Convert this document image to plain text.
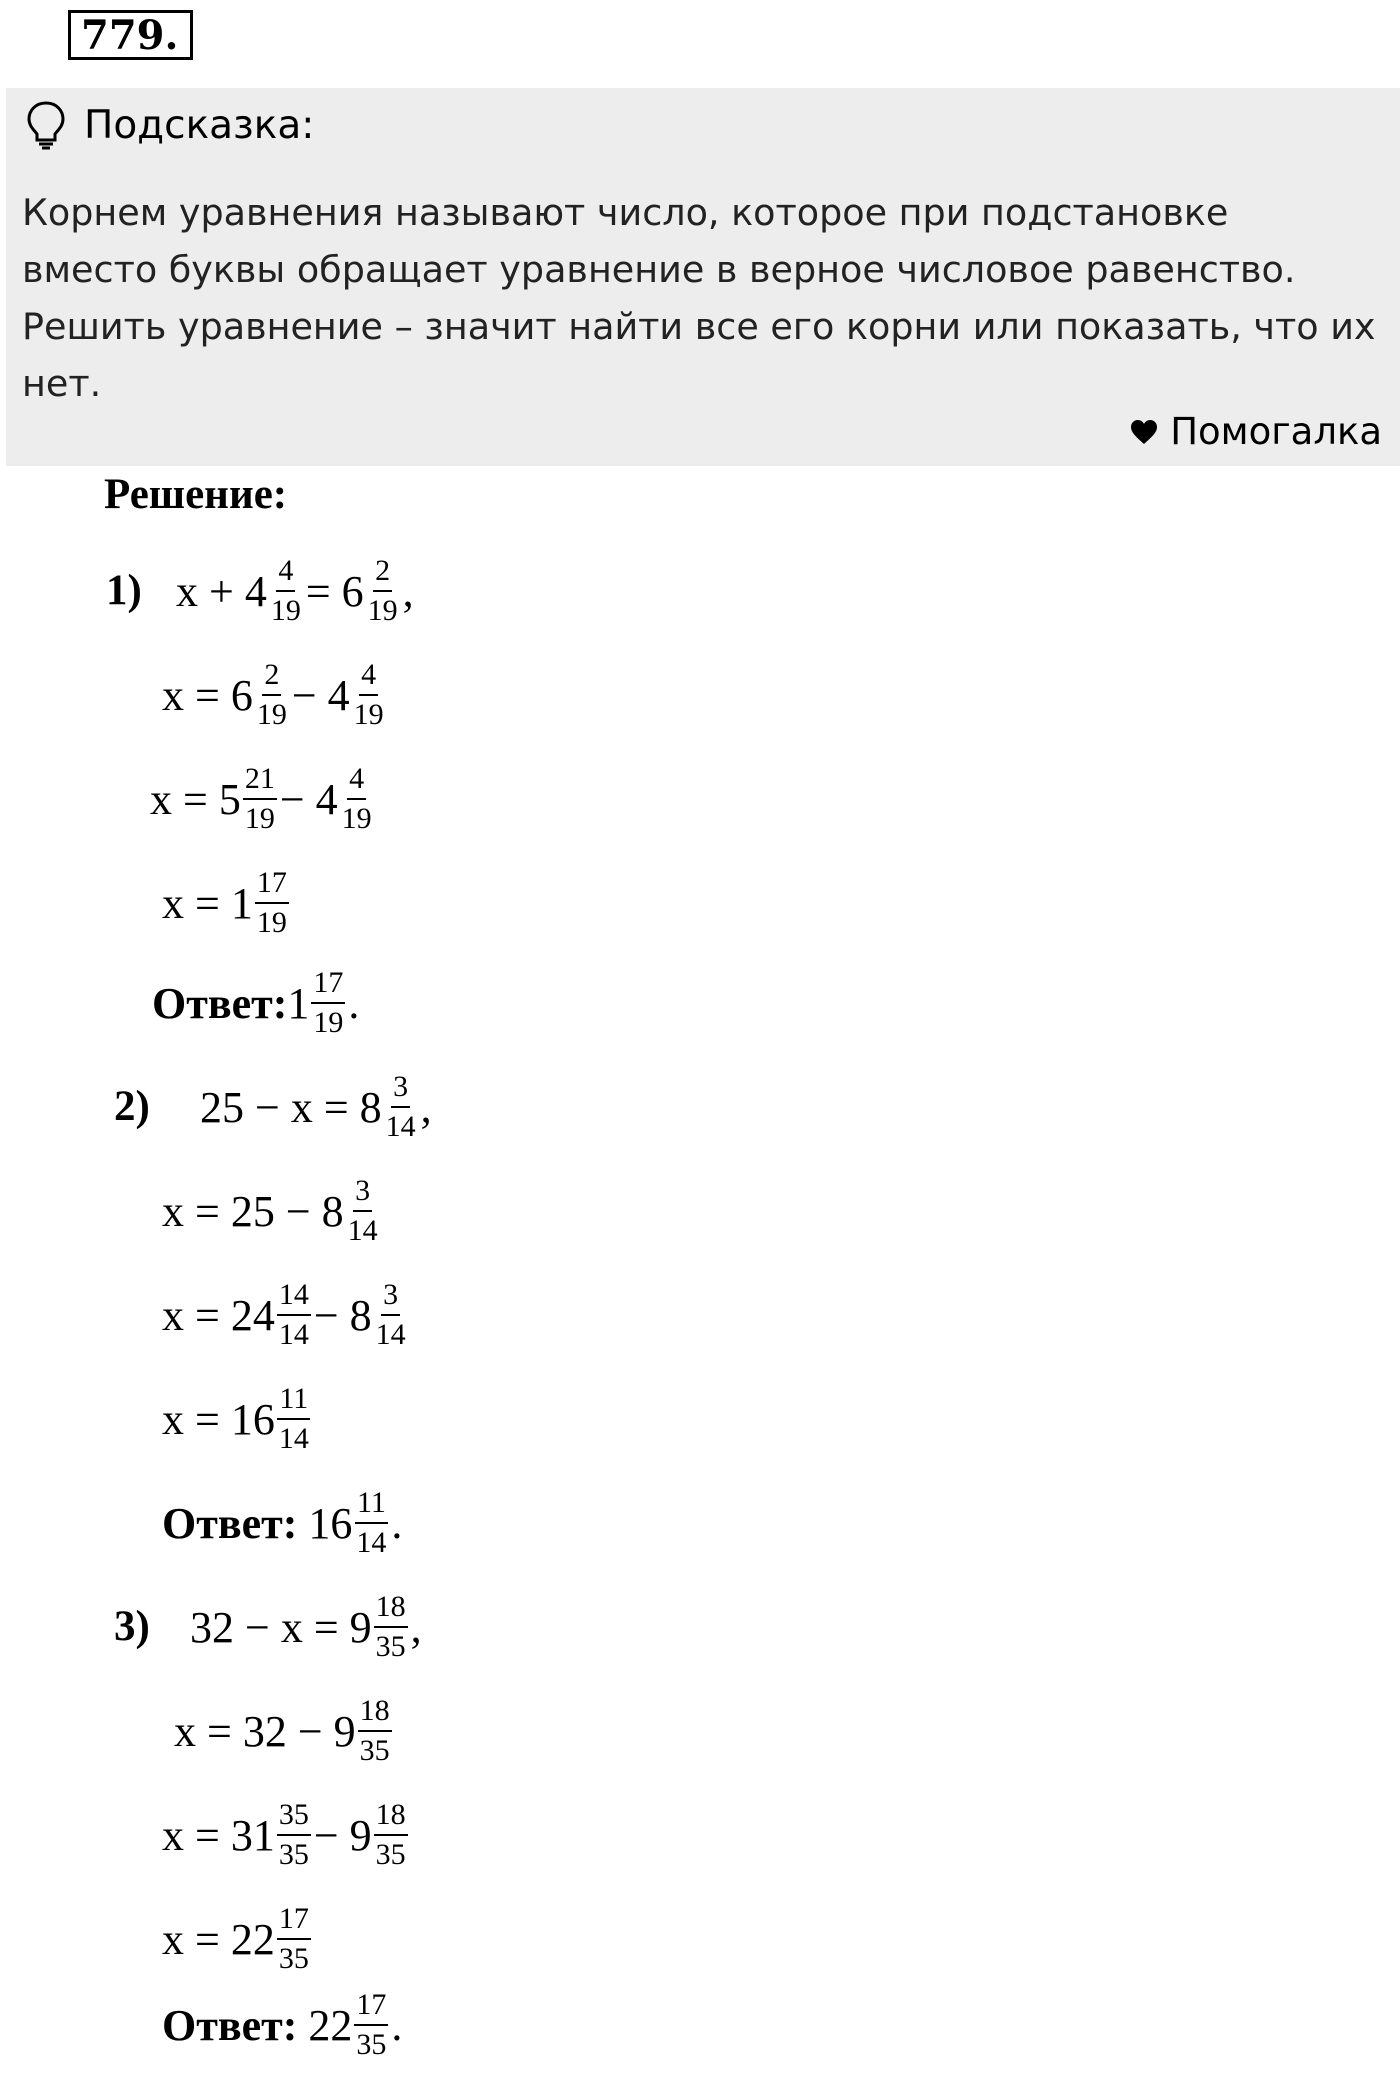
779.
Подсказка:
Корнем уравнения называют число, которое при подстановке
вместо буквы обращает уравнение в верное числовое равенство.
Решить уравнение – значит найти все его корни или показать, что их
нет.
Помогалка
Решение:
1) $x + 4 \frac{4}{19} = 6 \frac{2}{19}$ ,
$x = 6 \frac{2}{19} - 4 \frac{4}{19}$
$x = 5 \frac{21}{19} - 4 \frac{4}{19}$
$x = 1 \frac{17}{19}$
Ответ: $1 \frac{17}{19}$ .
2) $25 - x = 8 \frac{3}{14}$ ,
$x = 25 - 8 \frac{3}{14}$
$x = 24 \frac{14}{14} - 8 \frac{3}{14}$
$x = 16 \frac{11}{14}$
Ответ: $16 \frac{11}{14}$ .
3) $32 - x = 9 \frac{18}{35}$ ,
$x = 32 - 9 \frac{18}{35}$
$x = 31 \frac{35}{35} - 9 \frac{18}{35}$
$x = 22 \frac{17}{35}$
Ответ: $22 \frac{17}{35}$ .
